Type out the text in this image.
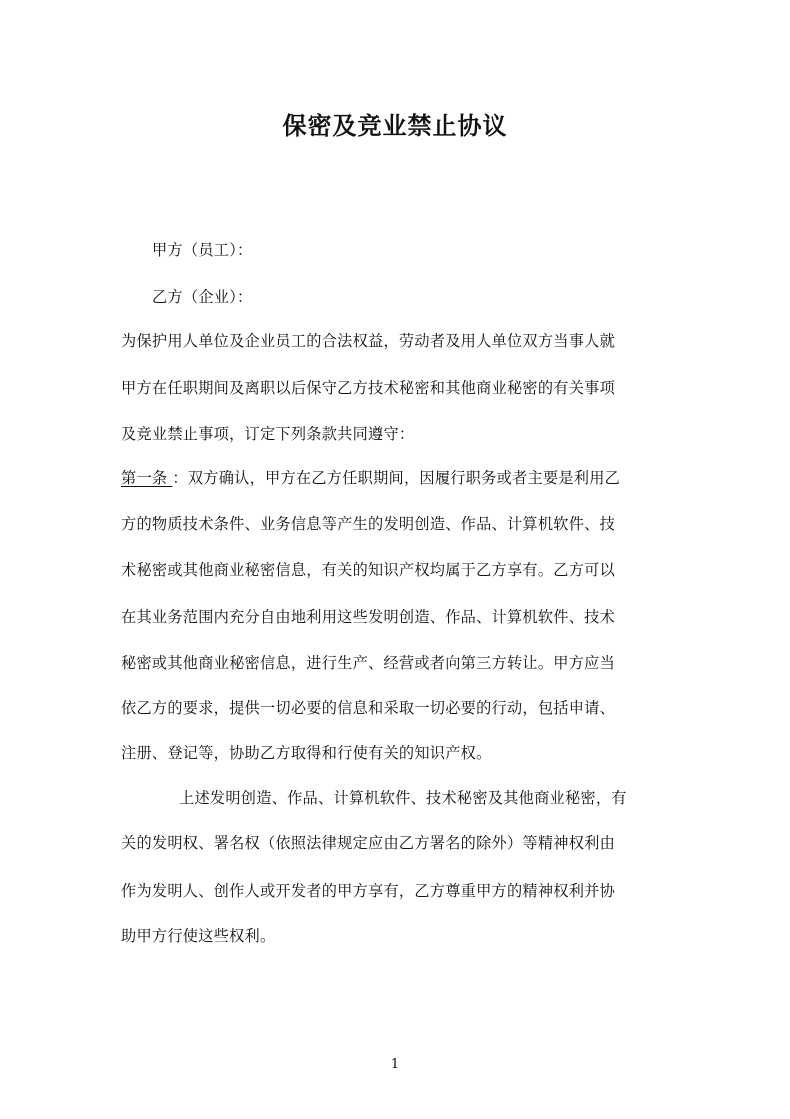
保密及竞业禁止协议
甲方（员工）：
乙方（企业）：
为保护用人单位及企业员工的合法权益，劳动者及用人单位双方当事人就
甲方在任职期间及离职以后保守乙方技术秘密和其他商业秘密的有关事项
及竞业禁止事项，订定下列条款共同遵守：
第一条 ：双方确认，甲方在乙方任职期间，因履行职务或者主要是利用乙
方的物质技术条件、业务信息等产生的发明创造、作品、计算机软件、技
术秘密或其他商业秘密信息，有关的知识产权均属于乙方享有。乙方可以
在其业务范围内充分自由地利用这些发明创造、作品、计算机软件、技术
秘密或其他商业秘密信息，进行生产、经营或者向第三方转让。甲方应当
依乙方的要求，提供一切必要的信息和采取一切必要的行动，包括申请、
注册、登记等，协助乙方取得和行使有关的知识产权。
上述发明创造、作品、计算机软件、技术秘密及其他商业秘密，有
关的发明权、署名权（依照法律规定应由乙方署名的除外）等精神权利由
作为发明人、创作人或开发者的甲方享有，乙方尊重甲方的精神权利并协
助甲方行使这些权利。
1
